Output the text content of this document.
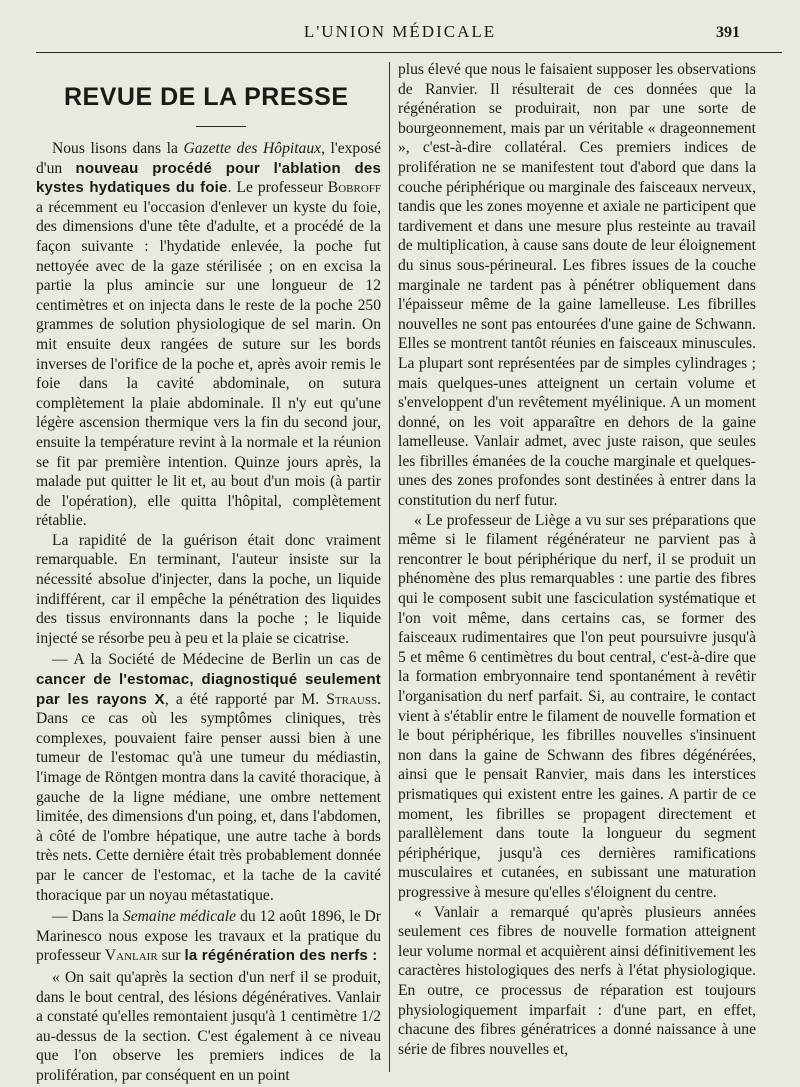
L'UNION MÉDICALE	391
REVUE DE LA PRESSE

Nous lisons dans la Gazette des Hôpitaux, l'exposé d'un nouveau procédé pour l'ablation des kystes hydatiques du foie. Le professeur Bobroff a récemment eu l'occasion d'enlever un kyste du foie, des dimensions d'une tête d'adulte, et a procédé de la façon suivante : l'hydatide enlevée, la poche fut nettoyée avec de la gaze stérilisée ; on en excisa la partie la plus amincie sur une longueur de 12 centimètres et on injecta dans le reste de la poche 250 grammes de solution physiologique de sel marin. On mit ensuite deux rangées de suture sur les bords inverses de l'orifice de la poche et, après avoir remis le foie dans la cavité abdominale, on sutura complètement la plaie abdominale. Il n'y eut qu'une légère ascension thermique vers la fin du second jour, ensuite la température revint à la normale et la réunion se fit par première intention. Quinze jours après, la malade put quitter le lit et, au bout d'un mois (à partir de l'opération), elle quitta l'hôpital, complètement rétablie.

La rapidité de la guérison était donc vraiment remarquable. En terminant, l'auteur insiste sur la nécessité absolue d'injecter, dans la poche, un liquide indifférent, car il empêche la pénétration des liquides des tissus environnants dans la poche ; le liquide injecté se résorbe peu à peu et la plaie se cicatrise.

— A la Société de Médecine de Berlin un cas de cancer de l'estomac, diagnostiqué seulement par les rayons X, a été rapporté par M. Strauss. Dans ce cas où les symptômes cliniques, très complexes, pouvaient faire penser aussi bien à une tumeur de l'estomac qu'à une tumeur du médiastin, l'image de Röntgen montra dans la cavité thoracique, à gauche de la ligne médiane, une ombre nettement limitée, des dimensions d'un poing, et, dans l'abdomen, à côté de l'ombre hépatique, une autre tache à bords très nets. Cette dernière était très probablement donnée par le cancer de l'estomac, et la tache de la cavité thoracique par un noyau métastatique.

— Dans la Semaine médicale du 12 août 1896, le Dr Marinesco nous expose les travaux et la pratique du professeur Vanlair sur la régénération des nerfs :

« On sait qu'après la section d'un nerf il se produit, dans le bout central, des lésions dégénératives. Vanlair a constaté qu'elles remontaient jusqu'à 1 centimètre 1/2 au-dessus de la section. C'est également à ce niveau que l'on observe les premiers indices de la prolifération, par conséquent en un point

plus élevé que nous le faisaient supposer les observations de Ranvier. Il résulterait de ces données que la régénération se produirait, non par une sorte de bourgeonnement, mais par un véritable « drageonnement », c'est-à-dire collatéral. Ces premiers indices de prolifération ne se manifestent tout d'abord que dans la couche périphérique ou marginale des faisceaux nerveux, tandis que les zones moyenne et axiale ne participent que tardivement et dans une mesure plus resteinte au travail de multiplication, à cause sans doute de leur éloignement du sinus sous-périneural. Les fibres issues de la couche marginale ne tardent pas à pénétrer obliquement dans l'épaisseur même de la gaine lamelleuse. Les fibrilles nouvelles ne sont pas entourées d'une gaine de Schwann. Elles se montrent tantôt réunies en faisceaux minuscules. La plupart sont représentées par de simples cylindrages ; mais quelques-unes atteignent un certain volume et s'enveloppent d'un revêtement myélinique. A un moment donné, on les voit apparaître en dehors de la gaine lamelleuse. Vanlair admet, avec juste raison, que seules les fibrilles émanées de la couche marginale et quelques-unes des zones profondes sont destinées à entrer dans la constitution du nerf futur.

« Le professeur de Liège a vu sur ses préparations que même si le filament régénérateur ne parvient pas à rencontrer le bout périphérique du nerf, il se produit un phénomène des plus remarquables : une partie des fibres qui le composent subit une fasciculation systématique et l'on voit même, dans certains cas, se former des faisceaux rudimentaires que l'on peut poursuivre jusqu'à 5 et même 6 centimètres du bout central, c'est-à-dire que la formation embryonnaire tend spontanément à revêtir l'organisation du nerf parfait. Si, au contraire, le contact vient à s'établir entre le filament de nouvelle formation et le bout périphérique, les fibrilles nouvelles s'insinuent non dans la gaine de Schwann des fibres dégénérées, ainsi que le pensait Ranvier, mais dans les interstices prismatiques qui existent entre les gaines. A partir de ce moment, les fibrilles se propagent directement et parallèlement dans toute la longueur du segment périphérique, jusqu'à ces dernières ramifications musculaires et cutanées, en subissant une maturation progressive à mesure qu'elles s'éloignent du centre.

« Vanlair a remarqué qu'après plusieurs années seulement ces fibres de nouvelle formation atteignent leur volume normal et acquièrent ainsi définitivement les caractères histologiques des nerfs à l'état physiologique. En outre, ce processus de réparation est toujours physiologiquement imparfait : d'une part, en effet, chacune des fibres génératrices a donné naissance à une série de fibres nouvelles et,
